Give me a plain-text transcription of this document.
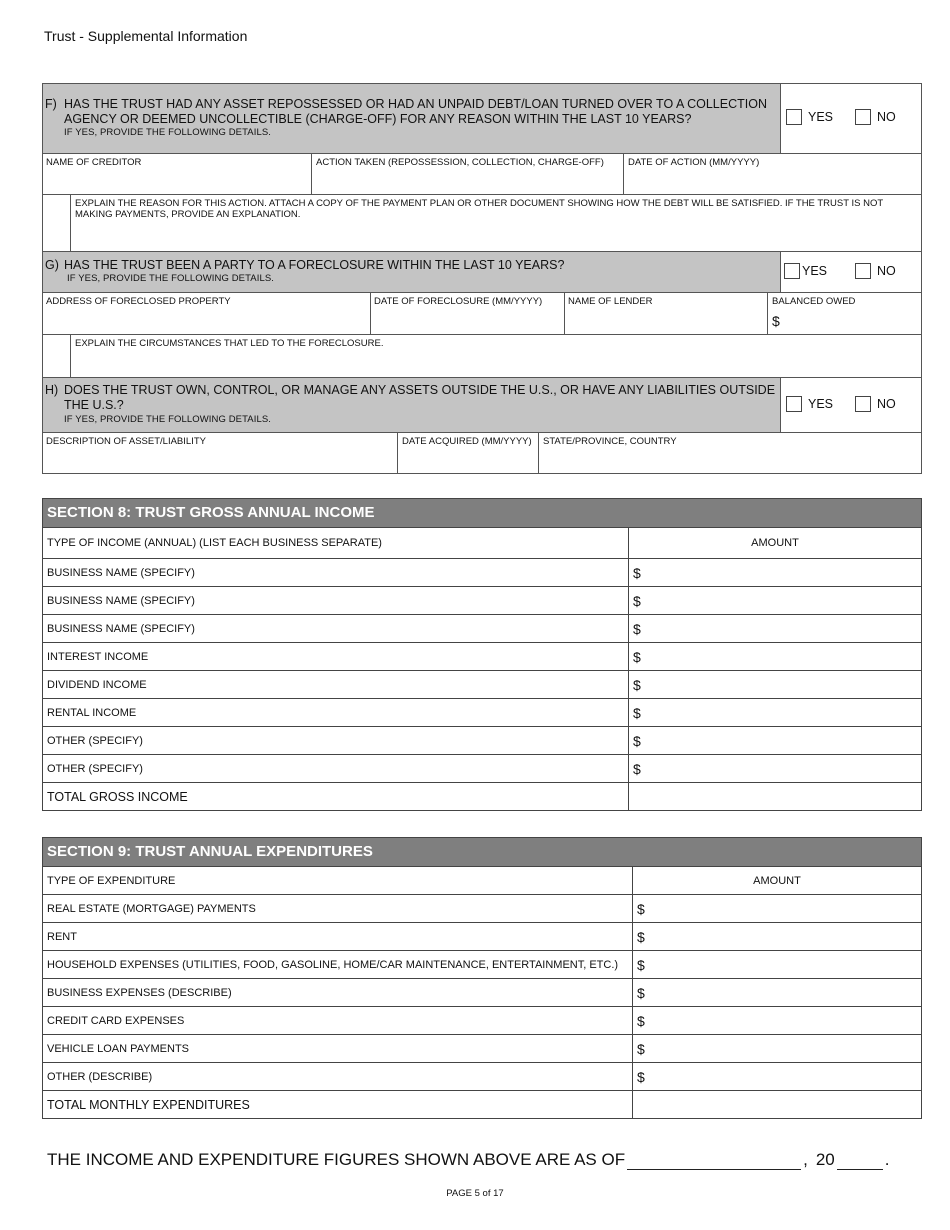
Trust - Supplemental Information
F) HAS THE TRUST HAD ANY ASSET REPOSSESSED OR HAD AN UNPAID DEBT/LOAN TURNED OVER TO A COLLECTION
AGENCY OR DEEMED UNCOLLECTIBLE (CHARGE-OFF) FOR ANY REASON WITHIN THE LAST 10 YEARS?
IF YES, PROVIDE THE FOLLOWING DETAILS.
YES	NO
NAME OF CREDITOR	ACTION TAKEN (REPOSSESSION, COLLECTION, CHARGE-OFF)	DATE OF ACTION (MM/YYYY)
EXPLAIN THE REASON FOR THIS ACTION. ATTACH A COPY OF THE PAYMENT PLAN OR OTHER DOCUMENT SHOWING HOW THE DEBT WILL BE SATISFIED. IF THE TRUST IS NOT
MAKING PAYMENTS, PROVIDE AN EXPLANATION.
G) HAS THE TRUST BEEN A PARTY TO A FORECLOSURE WITHIN THE LAST 10 YEARS?
IF YES, PROVIDE THE FOLLOWING DETAILS.
YES	NO
ADDRESS OF FORECLOSED PROPERTY	DATE OF FORECLOSURE (MM/YYYY)	NAME OF LENDER	BALANCED OWED
$
EXPLAIN THE CIRCUMSTANCES THAT LED TO THE FORECLOSURE.
H) DOES THE TRUST OWN, CONTROL, OR MANAGE ANY ASSETS OUTSIDE THE U.S., OR HAVE ANY LIABILITIES OUTSIDE
THE U.S.?
IF YES, PROVIDE THE FOLLOWING DETAILS.
YES	NO
DESCRIPTION OF ASSET/LIABILITY	DATE ACQUIRED (MM/YYYY) STATE/PROVINCE, COUNTRY
SECTION 8: TRUST GROSS ANNUAL INCOME
TYPE OF INCOME (ANNUAL) (LIST EACH BUSINESS SEPARATE)	AMOUNT
BUSINESS NAME (SPECIFY)	$
BUSINESS NAME (SPECIFY)	$
BUSINESS NAME (SPECIFY)	$
INTEREST INCOME	$
DIVIDEND INCOME	$
RENTAL INCOME	$
OTHER (SPECIFY)	$
OTHER (SPECIFY)	$
TOTAL GROSS INCOME
SECTION 9: TRUST ANNUAL EXPENDITURES
TYPE OF EXPENDITURE	AMOUNT
REAL ESTATE (MORTGAGE) PAYMENTS	$
RENT	$
HOUSEHOLD EXPENSES (UTILITIES, FOOD, GASOLINE, HOME/CAR MAINTENANCE, ENTERTAINMENT, ETC.)	$
BUSINESS EXPENSES (DESCRIBE)	$
CREDIT CARD EXPENSES	$
VEHICLE LOAN PAYMENTS	$
OTHER (DESCRIBE)	$
TOTAL MONTHLY EXPENDITURES
THE INCOME AND EXPENDITURE FIGURES SHOWN ABOVE ARE AS OF	, 20	.
PAGE 5 of 17
